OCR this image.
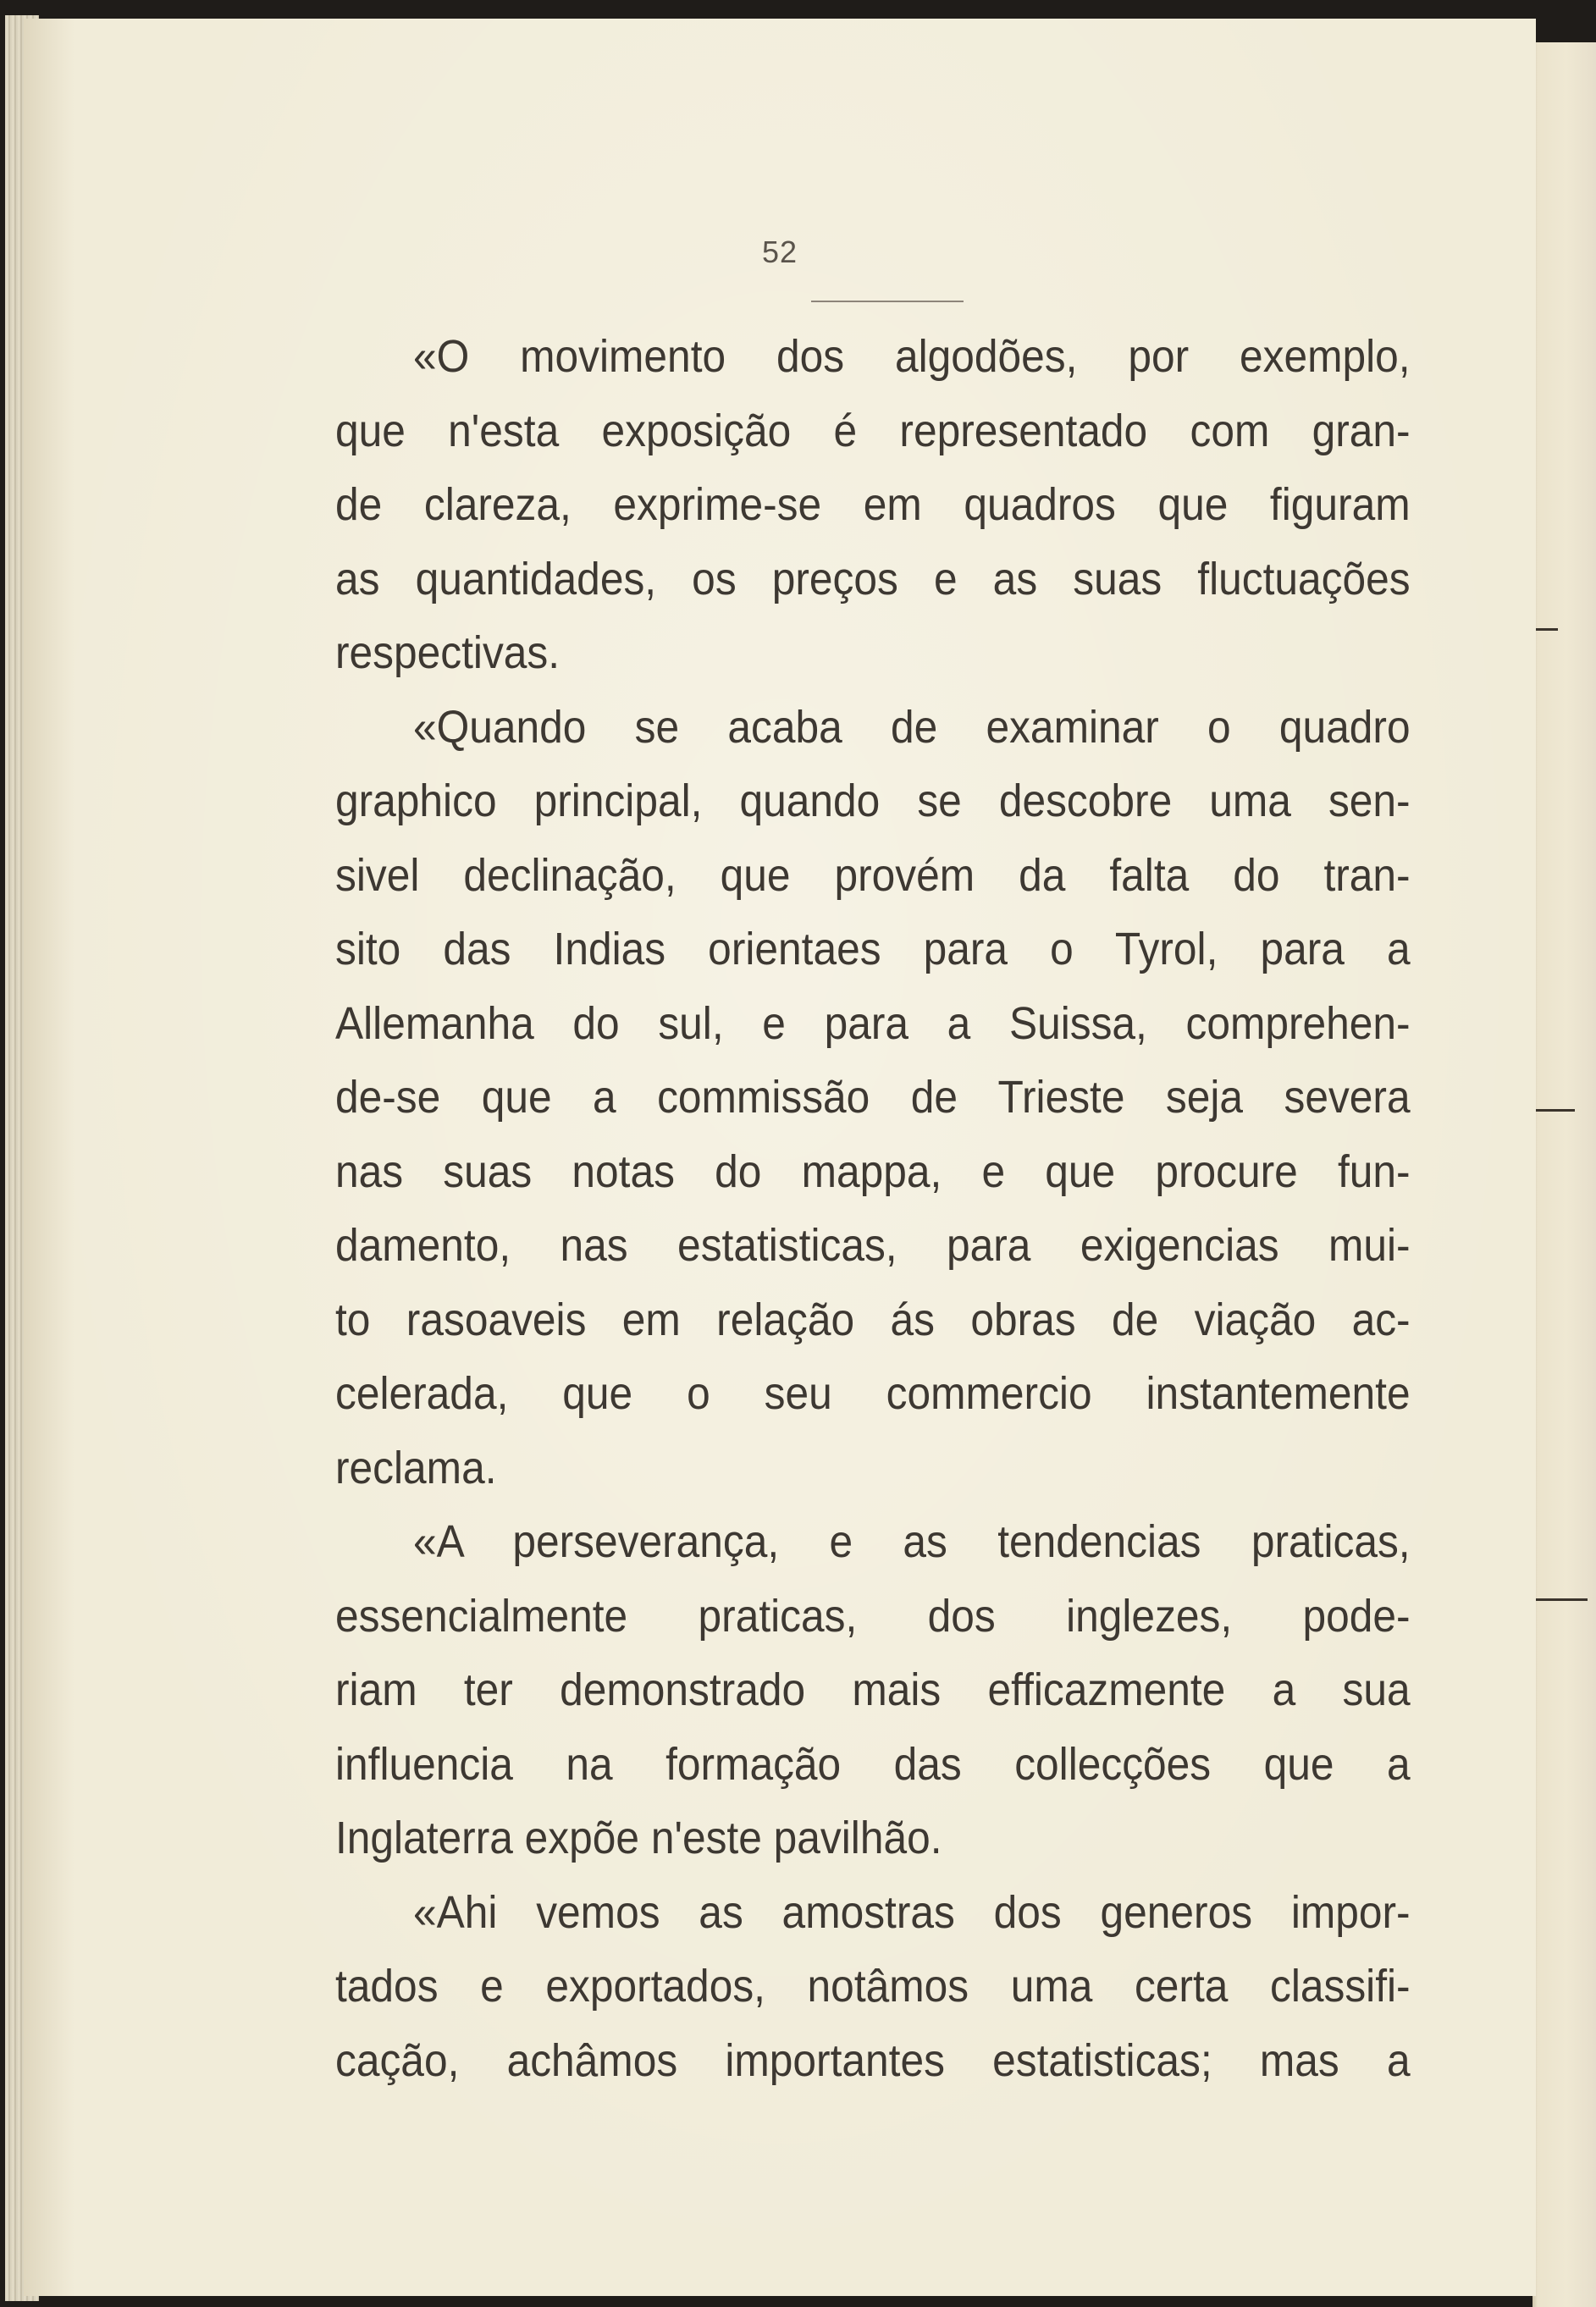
52
«O movimento dos algodões, por exemplo,
que n'esta exposição é representado com gran-
de clareza, exprime-se em quadros que figuram
as quantidades, os preços e as suas fluctuações
respectivas.
«Quando se acaba de examinar o quadro
graphico principal, quando se descobre uma sen-
sivel declinação, que provém da falta do tran-
sito das Indias orientaes para o Tyrol, para a
Allemanha do sul, e para a Suissa, comprehen-
de-se que a commissão de Trieste seja severa
nas suas notas do mappa, e que procure fun-
damento, nas estatisticas, para exigencias mui-
to rasoaveis em relação ás obras de viação ac-
celerada, que o seu commercio instantemente
reclama.
«A perseverança, e as tendencias praticas,
essencialmente praticas, dos inglezes, pode-
riam ter demonstrado mais efficazmente a sua
influencia na formação das collecções que a
Inglaterra expõe n'este pavilhão.
«Ahi vemos as amostras dos generos impor-
tados e exportados, notâmos uma certa classifi-
cação, achâmos importantes estatisticas; mas a
